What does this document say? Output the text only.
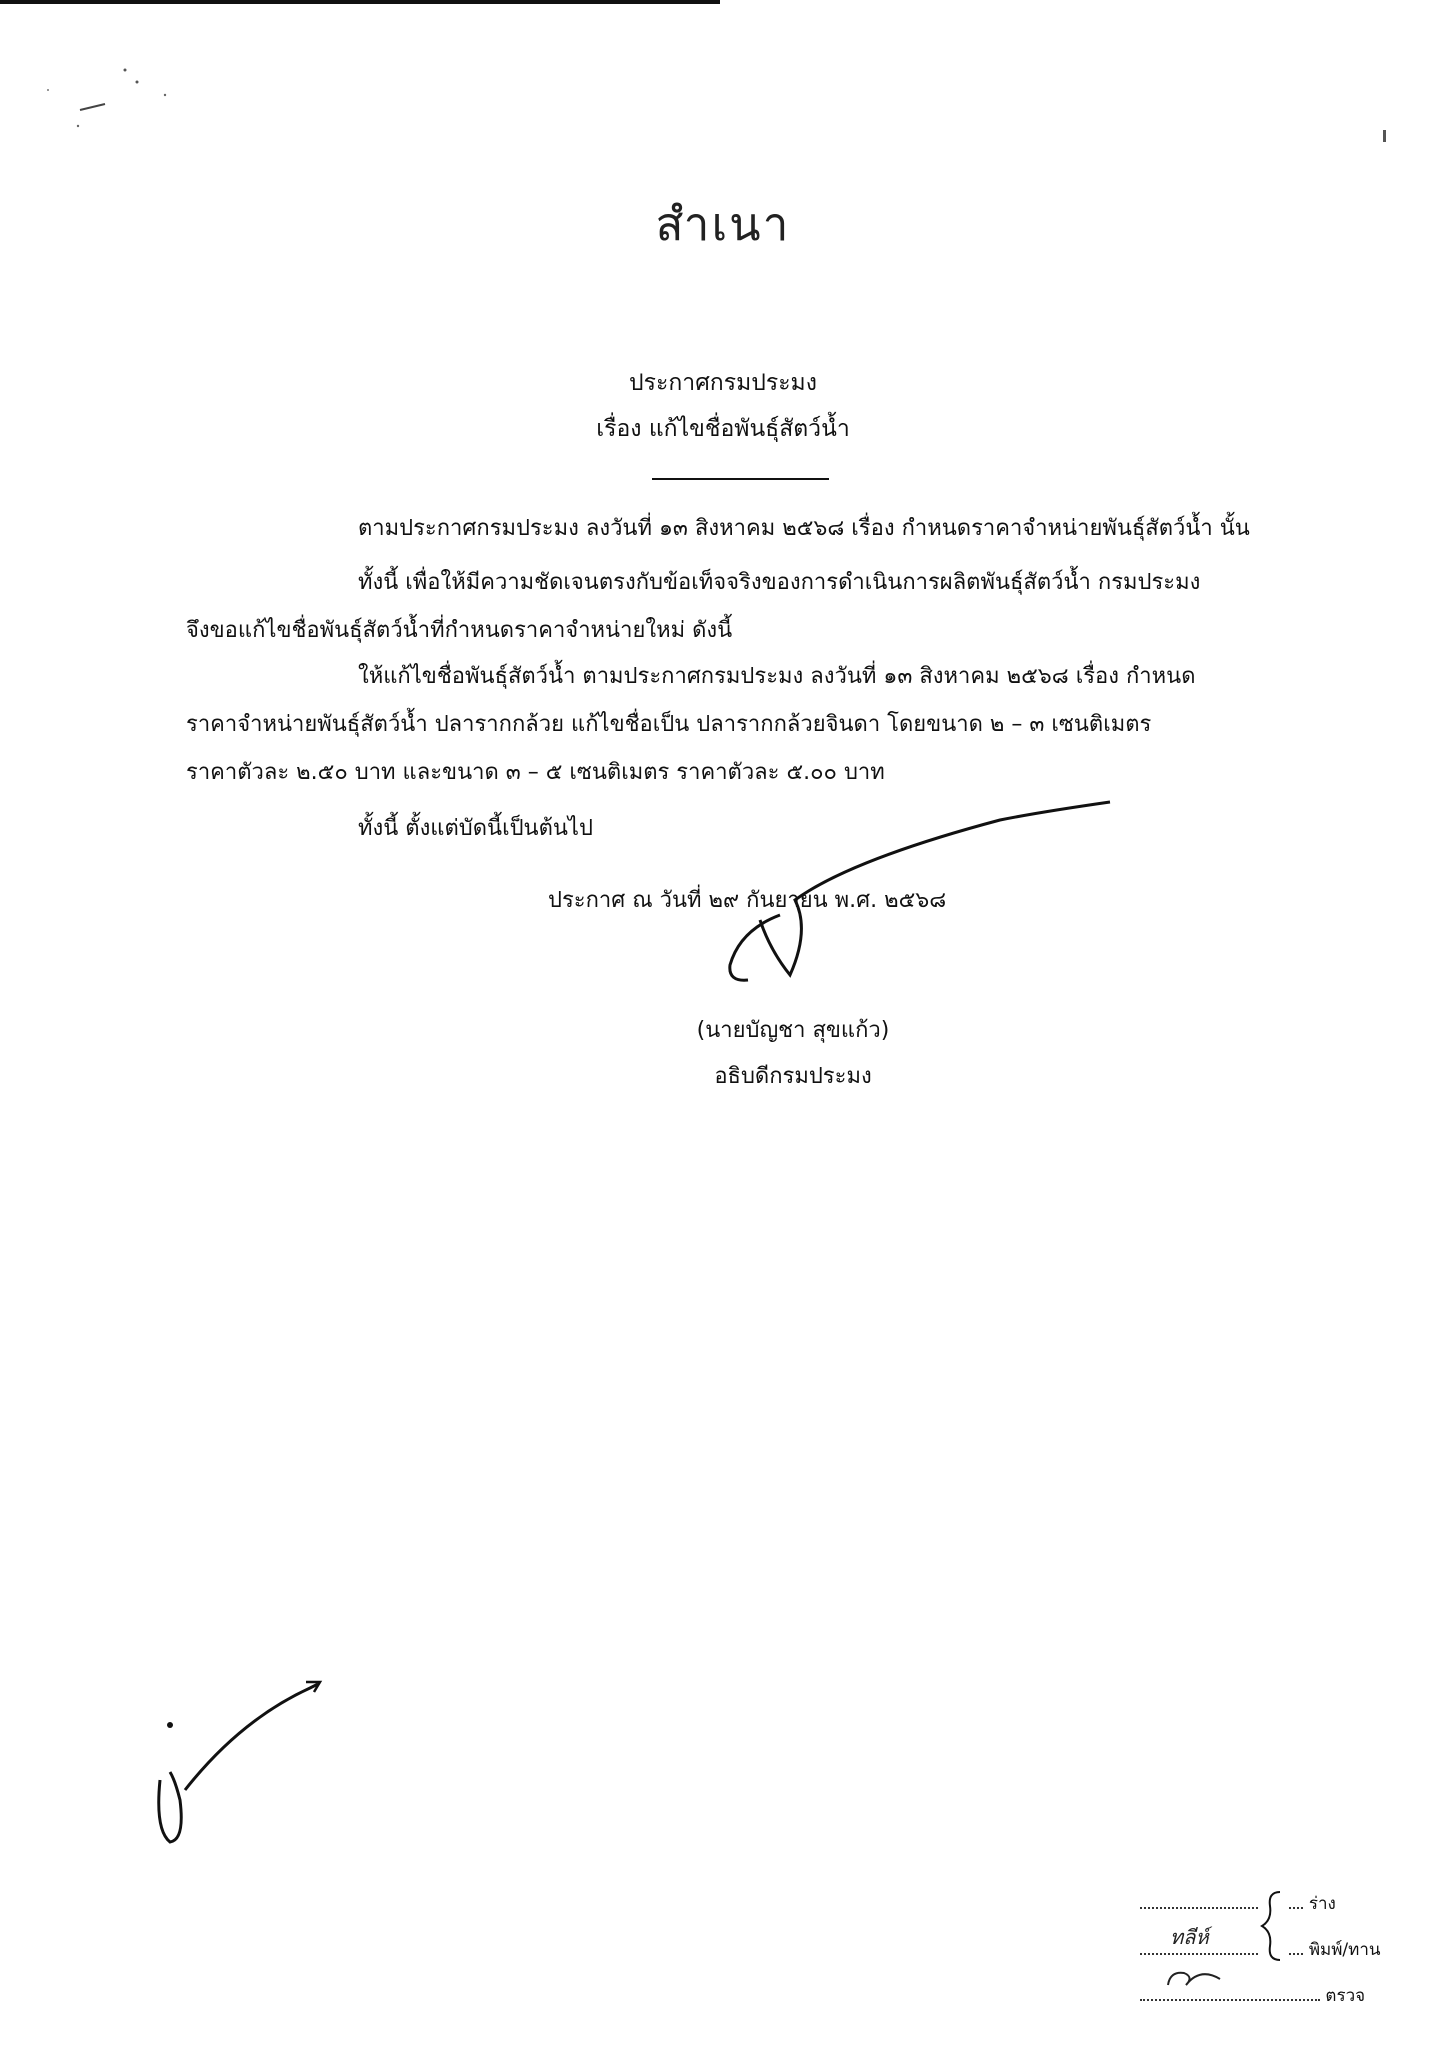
สำเนา
ประกาศกรมประมง
เรื่อง แก้ไขชื่อพันธุ์สัตว์น้ำ
ตามประกาศกรมประมง ลงวันที่ ๑๓ สิงหาคม ๒๕๖๘ เรื่อง กำหนดราคาจำหน่ายพันธุ์สัตว์น้ำ นั้น
ทั้งนี้ เพื่อให้มีความชัดเจนตรงกับข้อเท็จจริงของการดำเนินการผลิตพันธุ์สัตว์น้ำ กรมประมง
จึงขอแก้ไขชื่อพันธุ์สัตว์น้ำที่กำหนดราคาจำหน่ายใหม่ ดังนี้
ให้แก้ไขชื่อพันธุ์สัตว์น้ำ ตามประกาศกรมประมง ลงวันที่ ๑๓ สิงหาคม ๒๕๖๘ เรื่อง กำหนด
ราคาจำหน่ายพันธุ์สัตว์น้ำ ปลารากกล้วย แก้ไขชื่อเป็น ปลารากกล้วยจินดา โดยขนาด ๒ – ๓ เซนติเมตร
ราคาตัวละ ๒.๕๐ บาท และขนาด ๓ – ๕ เซนติเมตร ราคาตัวละ ๕.๐๐ บาท
ทั้งนี้ ตั้งแต่บัดนี้เป็นต้นไป
ประกาศ ณ วันที่ ๒๙ กันยายน พ.ศ. ๒๕๖๘
(นายบัญชา สุขแก้ว)
อธิบดีกรมประมง
ร่าง
ทลีห์
พิมพ์/ทาน
ตรวจ
